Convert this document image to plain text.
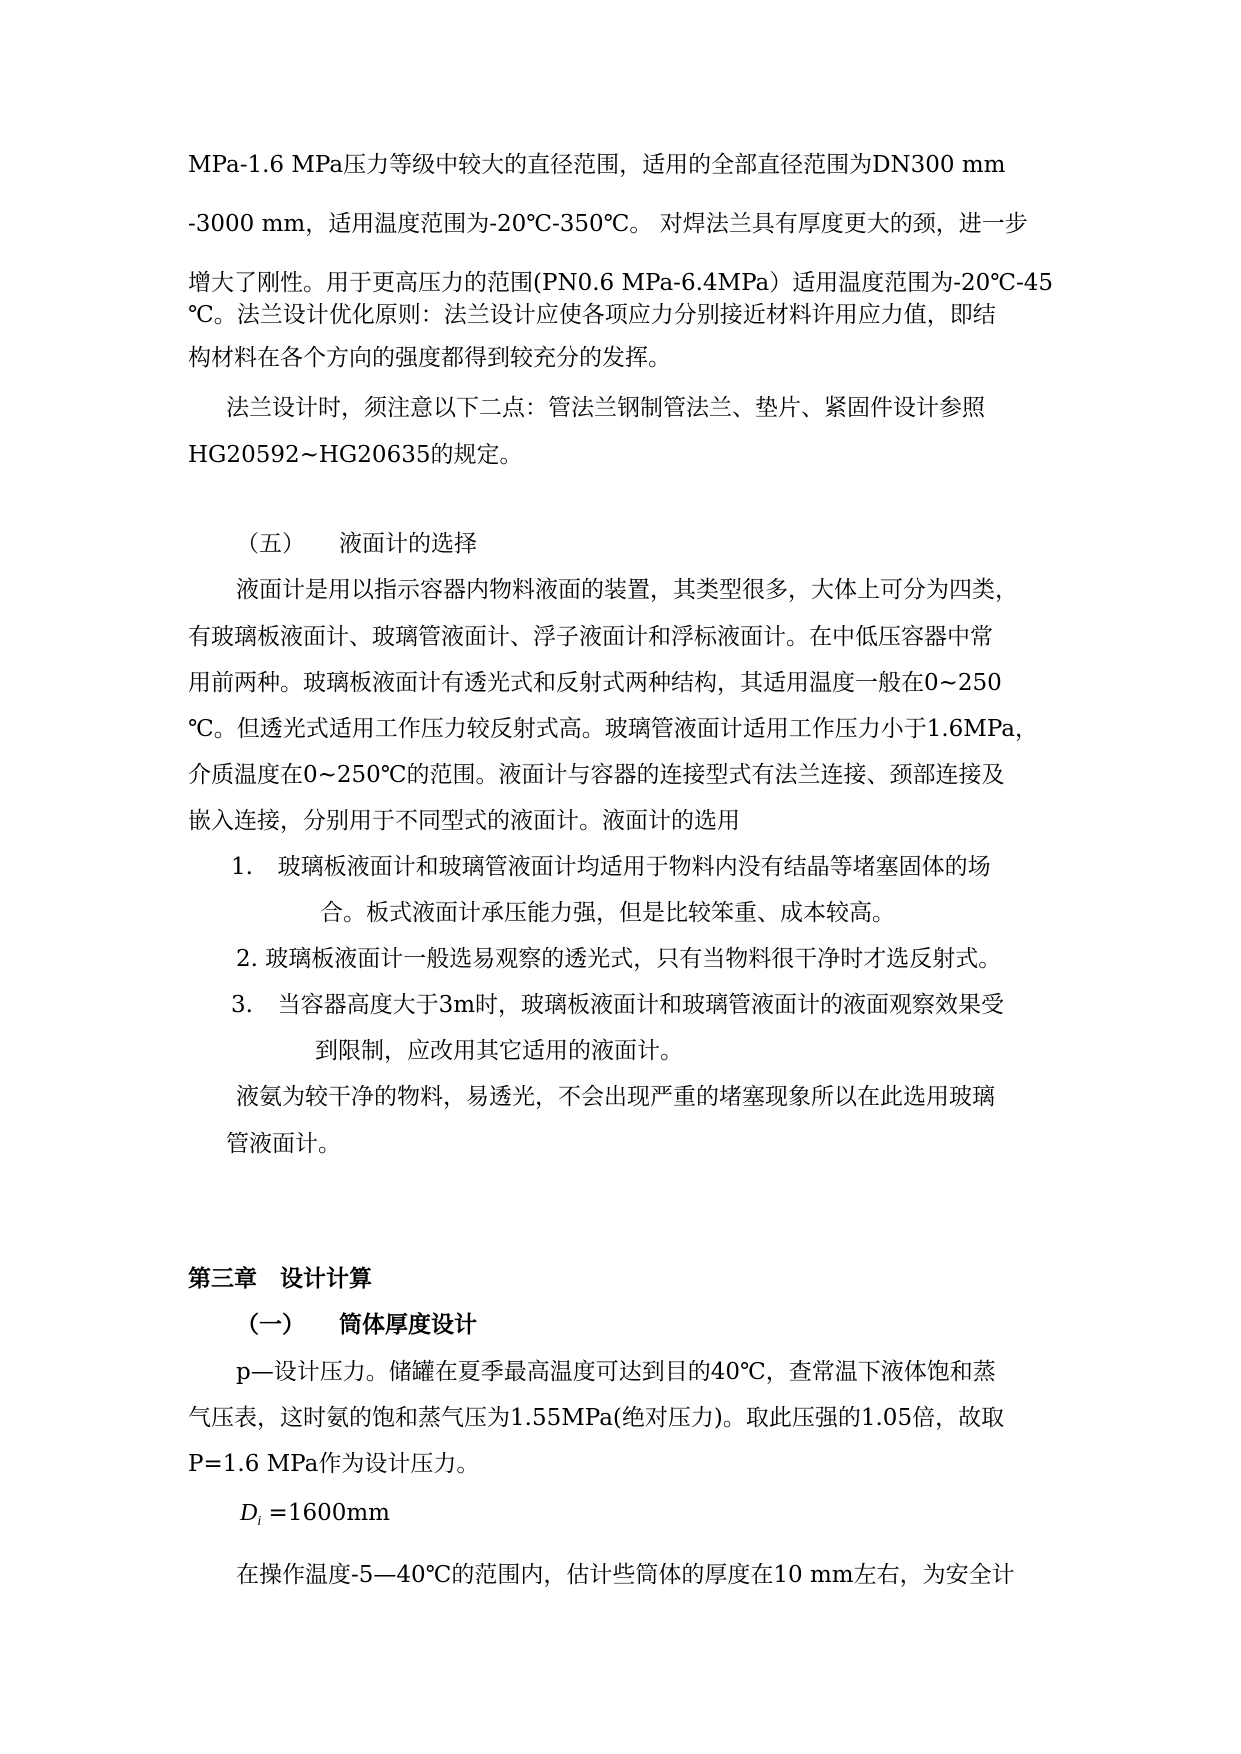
MPa-1.6 MPa压力等级中较大的直径范围，适用的全部直径范围为DN300 mm
-3000 mm，适用温度范围为-20℃-350℃。 对焊法兰具有厚度更大的颈，进一步
增大了刚性。用于更高压力的范围(PN0.6 MPa-6.4MPa）适用温度范围为-20℃-45
℃。法兰设计优化原则：法兰设计应使各项应力分别接近材料许用应力值，即结
构材料在各个方向的强度都得到较充分的发挥。
法兰设计时，须注意以下二点：管法兰钢制管法兰、垫片、紧固件设计参照
HG20592~HG20635的规定。
（五） 液面计的选择
液面计是用以指示容器内物料液面的装置，其类型很多，大体上可分为四类，
有玻璃板液面计、玻璃管液面计、浮子液面计和浮标液面计。在中低压容器中常
用前两种。玻璃板液面计有透光式和反射式两种结构，其适用温度一般在0~250
℃。但透光式适用工作压力较反射式高。玻璃管液面计适用工作压力小于1.6MPa，
介质温度在0~250℃的范围。液面计与容器的连接型式有法兰连接、颈部连接及
嵌入连接，分别用于不同型式的液面计。液面计的选用
1. 玻璃板液面计和玻璃管液面计均适用于物料内没有结晶等堵塞固体的场
合。板式液面计承压能力强，但是比较笨重、成本较高。
2. 玻璃板液面计一般选易观察的透光式，只有当物料很干净时才选反射式。
3. 当容器高度大于3m时，玻璃板液面计和玻璃管液面计的液面观察效果受
到限制，应改用其它适用的液面计。
液氨为较干净的物料，易透光，不会出现严重的堵塞现象所以在此选用玻璃
管液面计。
第三章　设计计算
（一） 筒体厚度设计
p—设计压力。储罐在夏季最高温度可达到目的40℃，查常温下液体饱和蒸
气压表，这时氨的饱和蒸气压为1.55MPa(绝对压力)。取此压强的1.05倍，故取
P=1.6 MPa作为设计压力。
$D_i =1600mm$
在操作温度-5—40℃的范围内，估计些筒体的厚度在10 mm左右，为安全计
